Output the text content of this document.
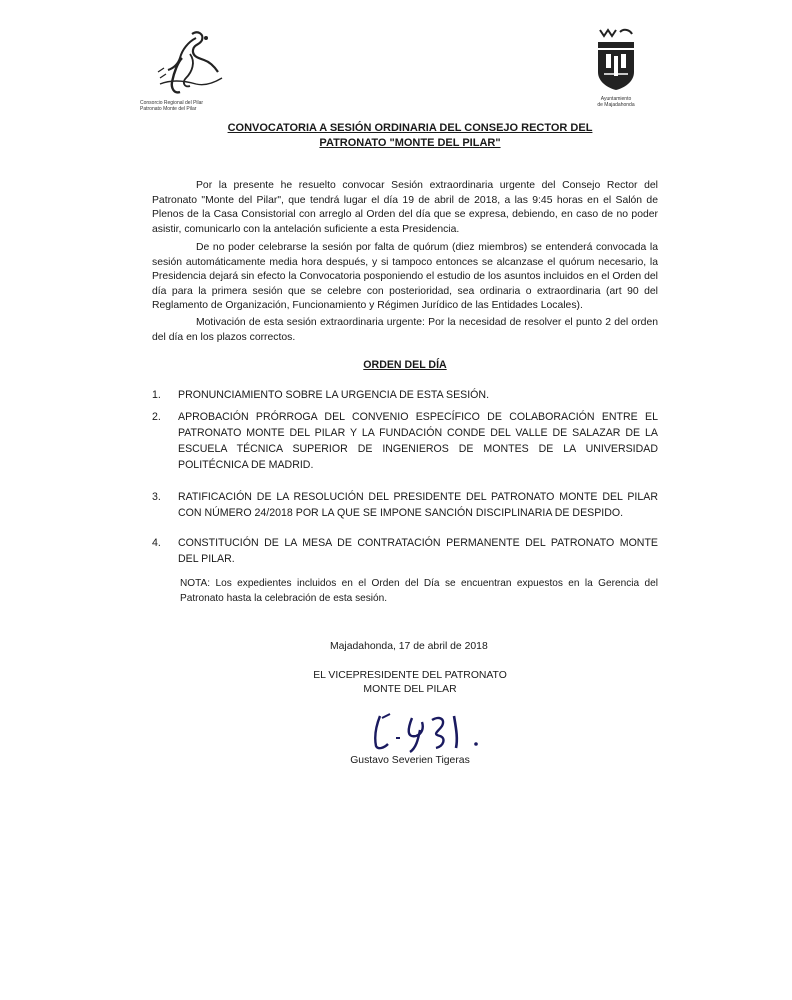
Consorcio Regional del Pilar
Patronato Monte del Pilar
Ayuntamiento
de Majadahonda
CONVOCATORIA A SESIÓN ORDINARIA DEL CONSEJO RECTOR DEL
PATRONATO "MONTE DEL PILAR"

Por la presente he resuelto convocar Sesión extraordinaria urgente del Consejo Rector del Patronato "Monte del Pilar", que tendrá lugar el día 19 de abril de 2018, a las 9:45 horas en el Salón de Plenos de la Casa Consistorial con arreglo al Orden del día que se expresa, debiendo, en caso de no poder asistir, comunicarlo con la antelación suficiente a esta Presidencia.

De no poder celebrarse la sesión por falta de quórum (diez miembros) se entenderá convocada la sesión automáticamente media hora después, y si tampoco entonces se alcanzase el quórum necesario, la Presidencia dejará sin efecto la Convocatoria posponiendo el estudio de los asuntos incluidos en el Orden del día para la primera sesión que se celebre con posterioridad, sea ordinaria o extraordinaria (art 90 del Reglamento de Organización, Funcionamiento y Régimen Jurídico de las Entidades Locales).

Motivación de esta sesión extraordinaria urgente: Por la necesidad de resolver el punto 2 del orden del día en los plazos correctos.

ORDEN DEL DÍA
1.	PRONUNCIAMIENTO SOBRE LA URGENCIA DE ESTA SESIÓN.
2.	APROBACIÓN PRÓRROGA DEL CONVENIO ESPECÍFICO DE COLABORACIÓN ENTRE EL PATRONATO MONTE DEL PILAR Y LA FUNDACIÓN CONDE DEL VALLE DE SALAZAR DE LA ESCUELA TÉCNICA SUPERIOR DE INGENIEROS DE MONTES DE LA UNIVERSIDAD POLITÉCNICA DE MADRID.
3.	RATIFICACIÓN DE LA RESOLUCIÓN DEL PRESIDENTE DEL PATRONATO MONTE DEL PILAR CON NÚMERO 24/2018 POR LA QUE SE IMPONE SANCIÓN DISCIPLINARIA DE DESPIDO.
4.	CONSTITUCIÓN DE LA MESA DE CONTRATACIÓN PERMANENTE DEL PATRONATO MONTE DEL PILAR.
NOTA: Los expedientes incluidos en el Orden del Día se encuentran expuestos en la Gerencia del Patronato hasta la celebración de esta sesión.
Majadahonda, 17 de abril de 2018
EL VICEPRESIDENTE DEL PATRONATO
MONTE DEL PILAR
Gustavo Severien Tigeras
